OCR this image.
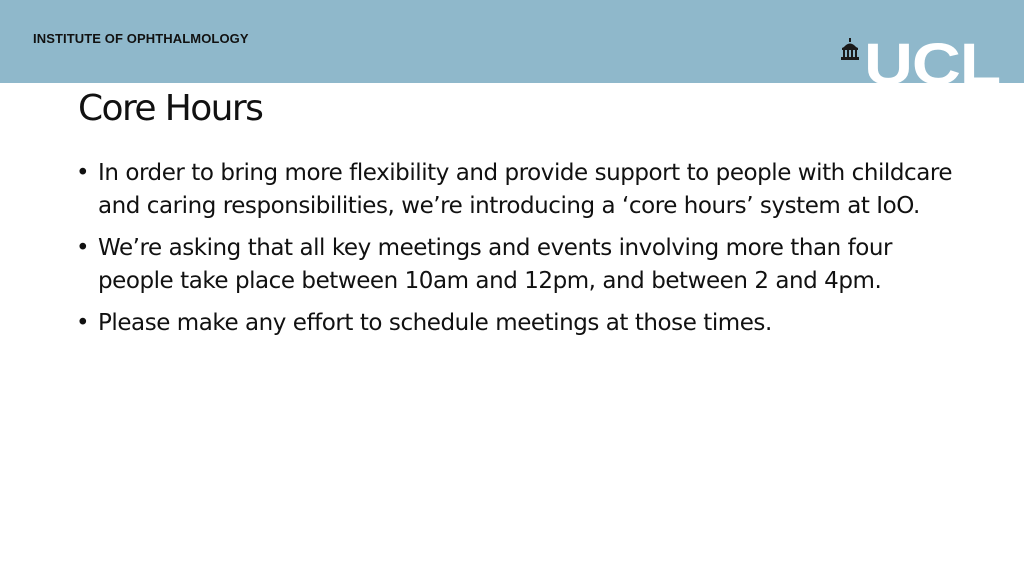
INSTITUTE OF OPHTHALMOLOGY	UCL
Core Hours
• In order to bring more flexibility and provide support to people with childcare and caring responsibilities, we’re introducing a ‘core hours’ system at IoO.
• We’re asking that all key meetings and events involving more than four people take place between 10am and 12pm, and between 2 and 4pm.
• Please make any effort to schedule meetings at those times.
